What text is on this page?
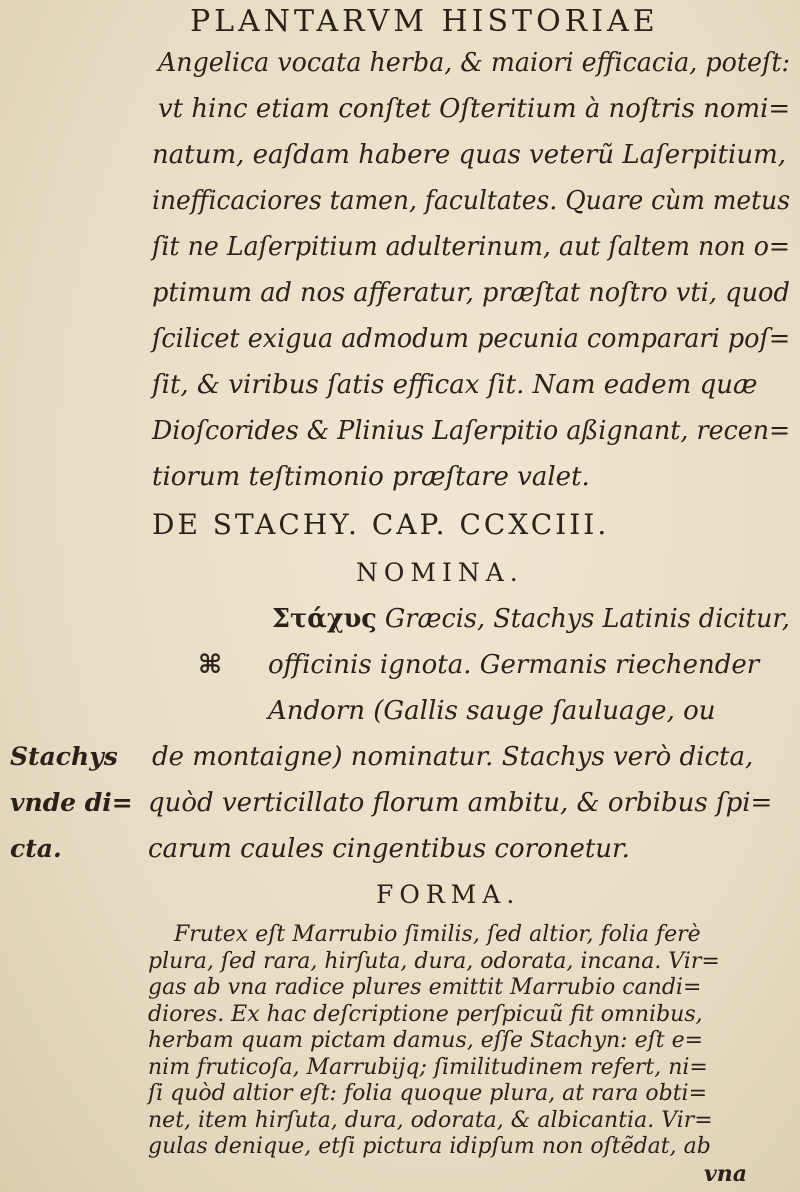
PLANTARVM HISTORIAE
Angelica vocata herba, & maiori efficacia, poteſt:
vt hinc etiam conſtet Oſteritium à noſtris nomi=
natum, eaſdam habere quas veterũ Laſerpitium,
inefficaciores tamen, facultates. Quare cùm metus
ſit ne Laſerpitium adulterinum, aut ſaltem non o=
ptimum ad nos afferatur, præſtat noſtro vti, quod
ſcilicet exigua admodum pecunia comparari poſ=
ſit, & viribus ſatis efficax ſit. Nam eadem quæ
Dioſcorides & Plinius Laſerpitio aßignant, recen=
tiorum teſtimonio præſtare valet.
DE STACHY. CAP. CCXCIII.
NOMINA.
Στάχυς Græcis, Stachys Latinis dicitur,
⌘ officinis ignota. Germanis riechender
Andorn (Gallis sauge ſauluage, ou
de montaigne) nominatur. Stachys verò dicta,
quòd verticillato florum ambitu, & orbibus ſpi=
carum caules cingentibus coronetur.
Stachys
vnde di=
cta.
FORMA.
Frutex eſt Marrubio ſimilis, ſed altior, folia ferè
plura, ſed rara, hirſuta, dura, odorata, incana. Vir=
gas ab vna radice plures emittit Marrubio candi=
diores. Ex hac deſcriptione perſpicuũ fit omnibus,
herbam quam pictam damus, eſſe Stachyn: eſt e=
nim fruticoſa, Marrubijq; ſimilitudinem refert, ni=
vna
ſi quòd altior eſt: folia quoque plura, at rara obti=
net, item hirſuta, dura, odorata, & albicantia. Vir=
gulas denique, etſi pictura idipſum non oſtẽdat, ab
